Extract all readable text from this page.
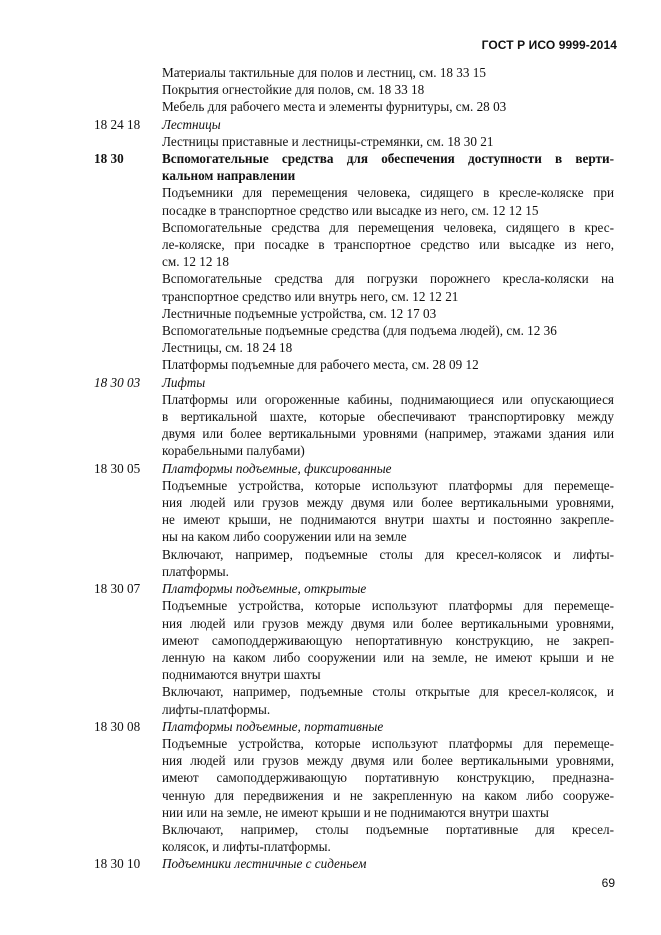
ГОСТ Р ИСО 9999-2014
Материалы тактильные для полов и лестниц, см. 18 33 15
Покрытия огнестойкие для полов, см. 18 33 18
Мебель для рабочего места и элементы фурнитуры, см. 28 03
18 24 18	Лестницы
Лестницы приставные и лестницы-стремянки, см. 18 30 21
18 30	Вспомогательные средства для обеспечения доступности в верти-
кальном направлении
Подъемники для перемещения человека, сидящего в кресле-коляске при
посадке в транспортное средство или высадке из него, см. 12 12 15
Вспомогательные средства для перемещения человека, сидящего в крес-
ле-коляске, при посадке в транспортное средство или высадке из него,
см. 12 12 18
Вспомогательные средства для погрузки порожнего кресла-коляски на
транспортное средство или внутрь него, см. 12 12 21
Лестничные подъемные устройства, см. 12 17 03
Вспомогательные подъемные средства (для подъема людей), см. 12 36
Лестницы, см. 18 24 18
Платформы подъемные для рабочего места, см. 28 09 12
18 30 03	Лифты
Платформы или огороженные кабины, поднимающиеся или опускающиеся
в вертикальной шахте, которые обеспечивают транспортировку между
двумя или более вертикальными уровнями (например, этажами здания или
корабельными палубами)
18 30 05	Платформы подъемные, фиксированные
Подъемные устройства, которые используют платформы для перемеще-
ния людей или грузов между двумя или более вертикальными уровнями,
не имеют крыши, не поднимаются внутри шахты и постоянно закрепле-
ны на каком либо сооружении или на земле
Включают, например, подъемные столы для кресел-колясок и лифты-
платформы.
18 30 07	Платформы подъемные, открытые
Подъемные устройства, которые используют платформы для перемеще-
ния людей или грузов между двумя или более вертикальными уровнями,
имеют самоподдерживающую непортативную конструкцию, не закреп-
ленную на каком либо сооружении или на земле, не имеют крыши и не
поднимаются внутри шахты
Включают, например, подъемные столы открытые для кресел-колясок, и
лифты-платформы.
18 30 08	Платформы подъемные, портативные
Подъемные устройства, которые используют платформы для перемеще-
ния людей или грузов между двумя или более вертикальными уровнями,
имеют самоподдерживающую портативную конструкцию, предназна-
ченную для передвижения и не закрепленную на каком либо сооруже-
нии или на земле, не имеют крыши и не поднимаются внутри шахты
Включают, например, столы подъемные портативные для кресел-
колясок, и лифты-платформы.
18 30 10	Подъемники лестничные с сиденьем
69
